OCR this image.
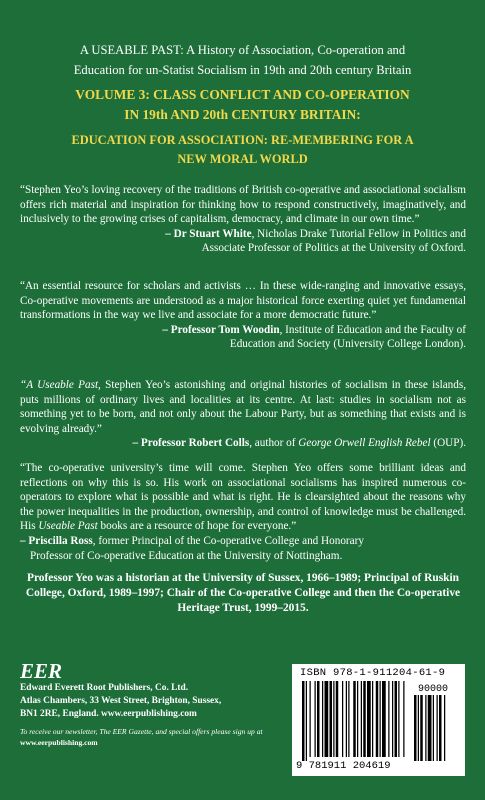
A USEABLE PAST: A History of Association, Co-operation and
Education for un-Statist Socialism in 19th and 20th century Britain
VOLUME 3: CLASS CONFLICT AND CO-OPERATION
IN 19th AND 20th CENTURY BRITAIN:
EDUCATION FOR ASSOCIATION: RE-MEMBERING FOR A
NEW MORAL WORLD

“Stephen Yeo’s loving recovery of the traditions of British co-operative and associational socialism offers rich material and inspiration for thinking how to respond constructively, imaginatively, and inclusively to the growing crises of capitalism, democracy, and climate in our own time.”

– Dr Stuart White, Nicholas Drake Tutorial Fellow in Politics and
Associate Professor of Politics at the University of Oxford.

“An essential resource for scholars and activists … In these wide-ranging and innovative essays, Co-operative movements are understood as a major historical force exerting quiet yet fundamental transformations in the way we live and associate for a more democratic future.”

– Professor Tom Woodin, Institute of Education and the Faculty of
Education and Society (University College London).

“A Useable Past, Stephen Yeo’s astonishing and original histories of socialism in these islands, puts millions of ordinary lives and localities at its centre. At last: studies in socialism not as something yet to be born, and not only about the Labour Party, but as something that exists and is evolving already.”

– Professor Robert Colls, author of George Orwell English Rebel (OUP).

“The co-operative university’s time will come. Stephen Yeo offers some brilliant ideas and reflections on why this is so. His work on associational socialisms has inspired numerous co-operators to explore what is possible and what is right. He is clearsighted about the reasons why the power inequalities in the production, ownership, and control of knowledge must be challenged. His Useable Past books are a resource of hope for everyone.”

– Priscilla Ross, former Principal of the Co-operative College and Honorary
Professor of Co-operative Education at the University of Nottingham.

Professor Yeo was a historian at the University of Sussex, 1966–1989; Principal of Ruskin College, Oxford, 1989–1997; Chair of the Co-operative College and then the Co-operative Heritage Trust, 1999–2015.
EER
Edward Everett Root Publishers, Co. Ltd.
Atlas Chambers, 33 West Street, Brighton, Sussex,
BN1 2RE, England. www.eerpublishing.com
To receive our newsletter, The EER Gazette, and special offers please sign up at www.eerpublishing.com
ISBN 978-1-911204-61-9
90000
9 781911 204619
